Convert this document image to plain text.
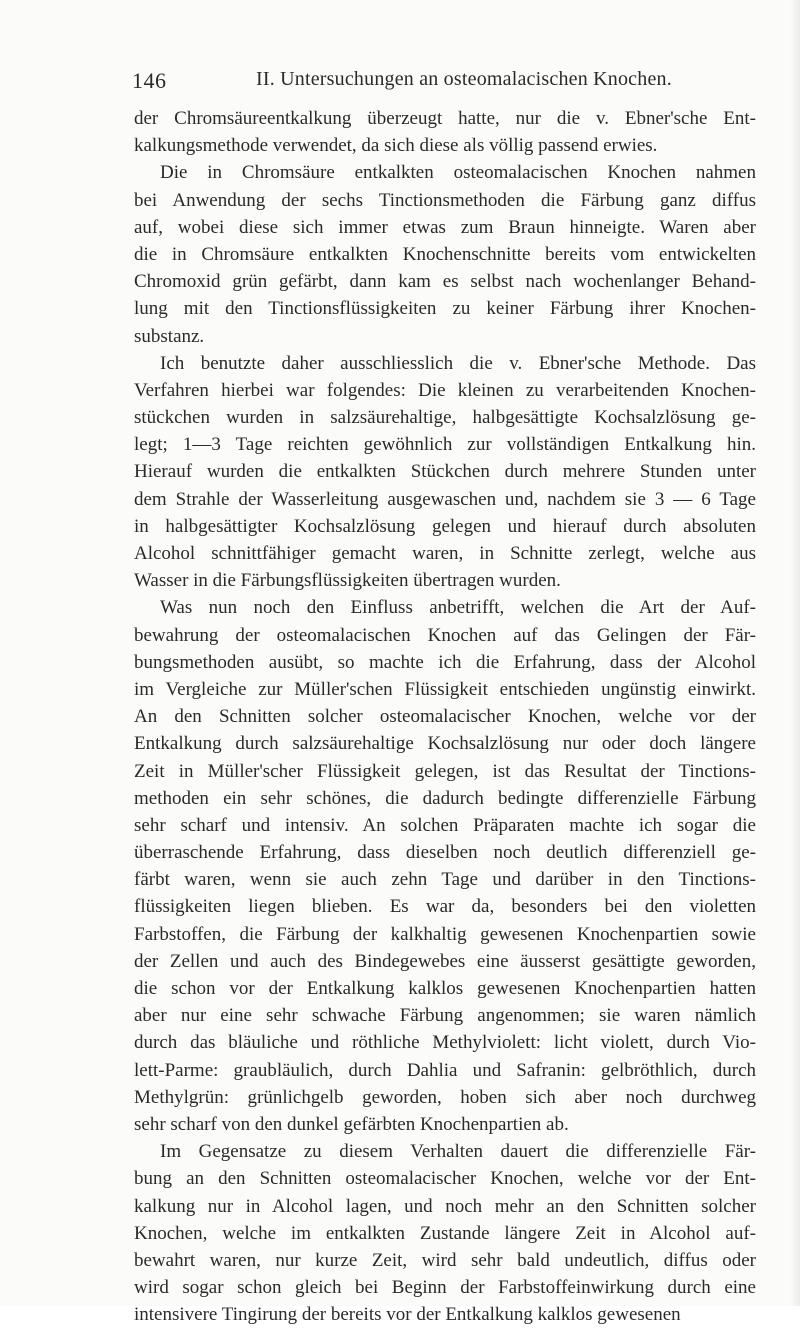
146	II. Untersuchungen an osteomalacischen Knochen.
der Chromsäureentkalkung überzeugt hatte, nur die v. Ebner'sche Ent-
kalkungsmethode verwendet, da sich diese als völlig passend erwies.
Die in Chromsäure entkalkten osteomalacischen Knochen nahmen
bei Anwendung der sechs Tinctionsmethoden die Färbung ganz diffus
auf, wobei diese sich immer etwas zum Braun hinneigte. Waren aber
die in Chromsäure entkalkten Knochenschnitte bereits vom entwickelten
Chromoxid grün gefärbt, dann kam es selbst nach wochenlanger Behand-
lung mit den Tinctionsflüssigkeiten zu keiner Färbung ihrer Knochen-
substanz.
Ich benutzte daher ausschliesslich die v. Ebner'sche Methode. Das
Verfahren hierbei war folgendes: Die kleinen zu verarbeitenden Knochen-
stückchen wurden in salzsäurehaltige, halbgesättigte Kochsalzlösung ge-
legt; 1—3 Tage reichten gewöhnlich zur vollständigen Entkalkung hin.
Hierauf wurden die entkalkten Stückchen durch mehrere Stunden unter
dem Strahle der Wasserleitung ausgewaschen und, nachdem sie 3 — 6 Tage
in halbgesättigter Kochsalzlösung gelegen und hierauf durch absoluten
Alcohol schnittfähiger gemacht waren, in Schnitte zerlegt, welche aus
Wasser in die Färbungsflüssigkeiten übertragen wurden.
Was nun noch den Einfluss anbetrifft, welchen die Art der Auf-
bewahrung der osteomalacischen Knochen auf das Gelingen der Fär-
bungsmethoden ausübt, so machte ich die Erfahrung, dass der Alcohol
im Vergleiche zur Müller'schen Flüssigkeit entschieden ungünstig einwirkt.
An den Schnitten solcher osteomalacischer Knochen, welche vor der
Entkalkung durch salzsäurehaltige Kochsalzlösung nur oder doch längere
Zeit in Müller'scher Flüssigkeit gelegen, ist das Resultat der Tinctions-
methoden ein sehr schönes, die dadurch bedingte differenzielle Färbung
sehr scharf und intensiv. An solchen Präparaten machte ich sogar die
überraschende Erfahrung, dass dieselben noch deutlich differenziell ge-
färbt waren, wenn sie auch zehn Tage und darüber in den Tinctions-
flüssigkeiten liegen blieben. Es war da, besonders bei den violetten
Farbstoffen, die Färbung der kalkhaltig gewesenen Knochenpartien sowie
der Zellen und auch des Bindegewebes eine äusserst gesättigte geworden,
die schon vor der Entkalkung kalklos gewesenen Knochenpartien hatten
aber nur eine sehr schwache Färbung angenommen; sie waren nämlich
durch das bläuliche und röthliche Methylviolett: licht violett, durch Vio-
lett-Parme: graubläulich, durch Dahlia und Safranin: gelbröthlich, durch
Methylgrün: grünlichgelb geworden, hoben sich aber noch durchweg
sehr scharf von den dunkel gefärbten Knochenpartien ab.
Im Gegensatze zu diesem Verhalten dauert die differenzielle Fär-
bung an den Schnitten osteomalacischer Knochen, welche vor der Ent-
kalkung nur in Alcohol lagen, und noch mehr an den Schnitten solcher
Knochen, welche im entkalkten Zustande längere Zeit in Alcohol auf-
bewahrt waren, nur kurze Zeit, wird sehr bald undeutlich, diffus oder
wird sogar schon gleich bei Beginn der Farbstoffeinwirkung durch eine
intensivere Tingirung der bereits vor der Entkalkung kalklos gewesenen
